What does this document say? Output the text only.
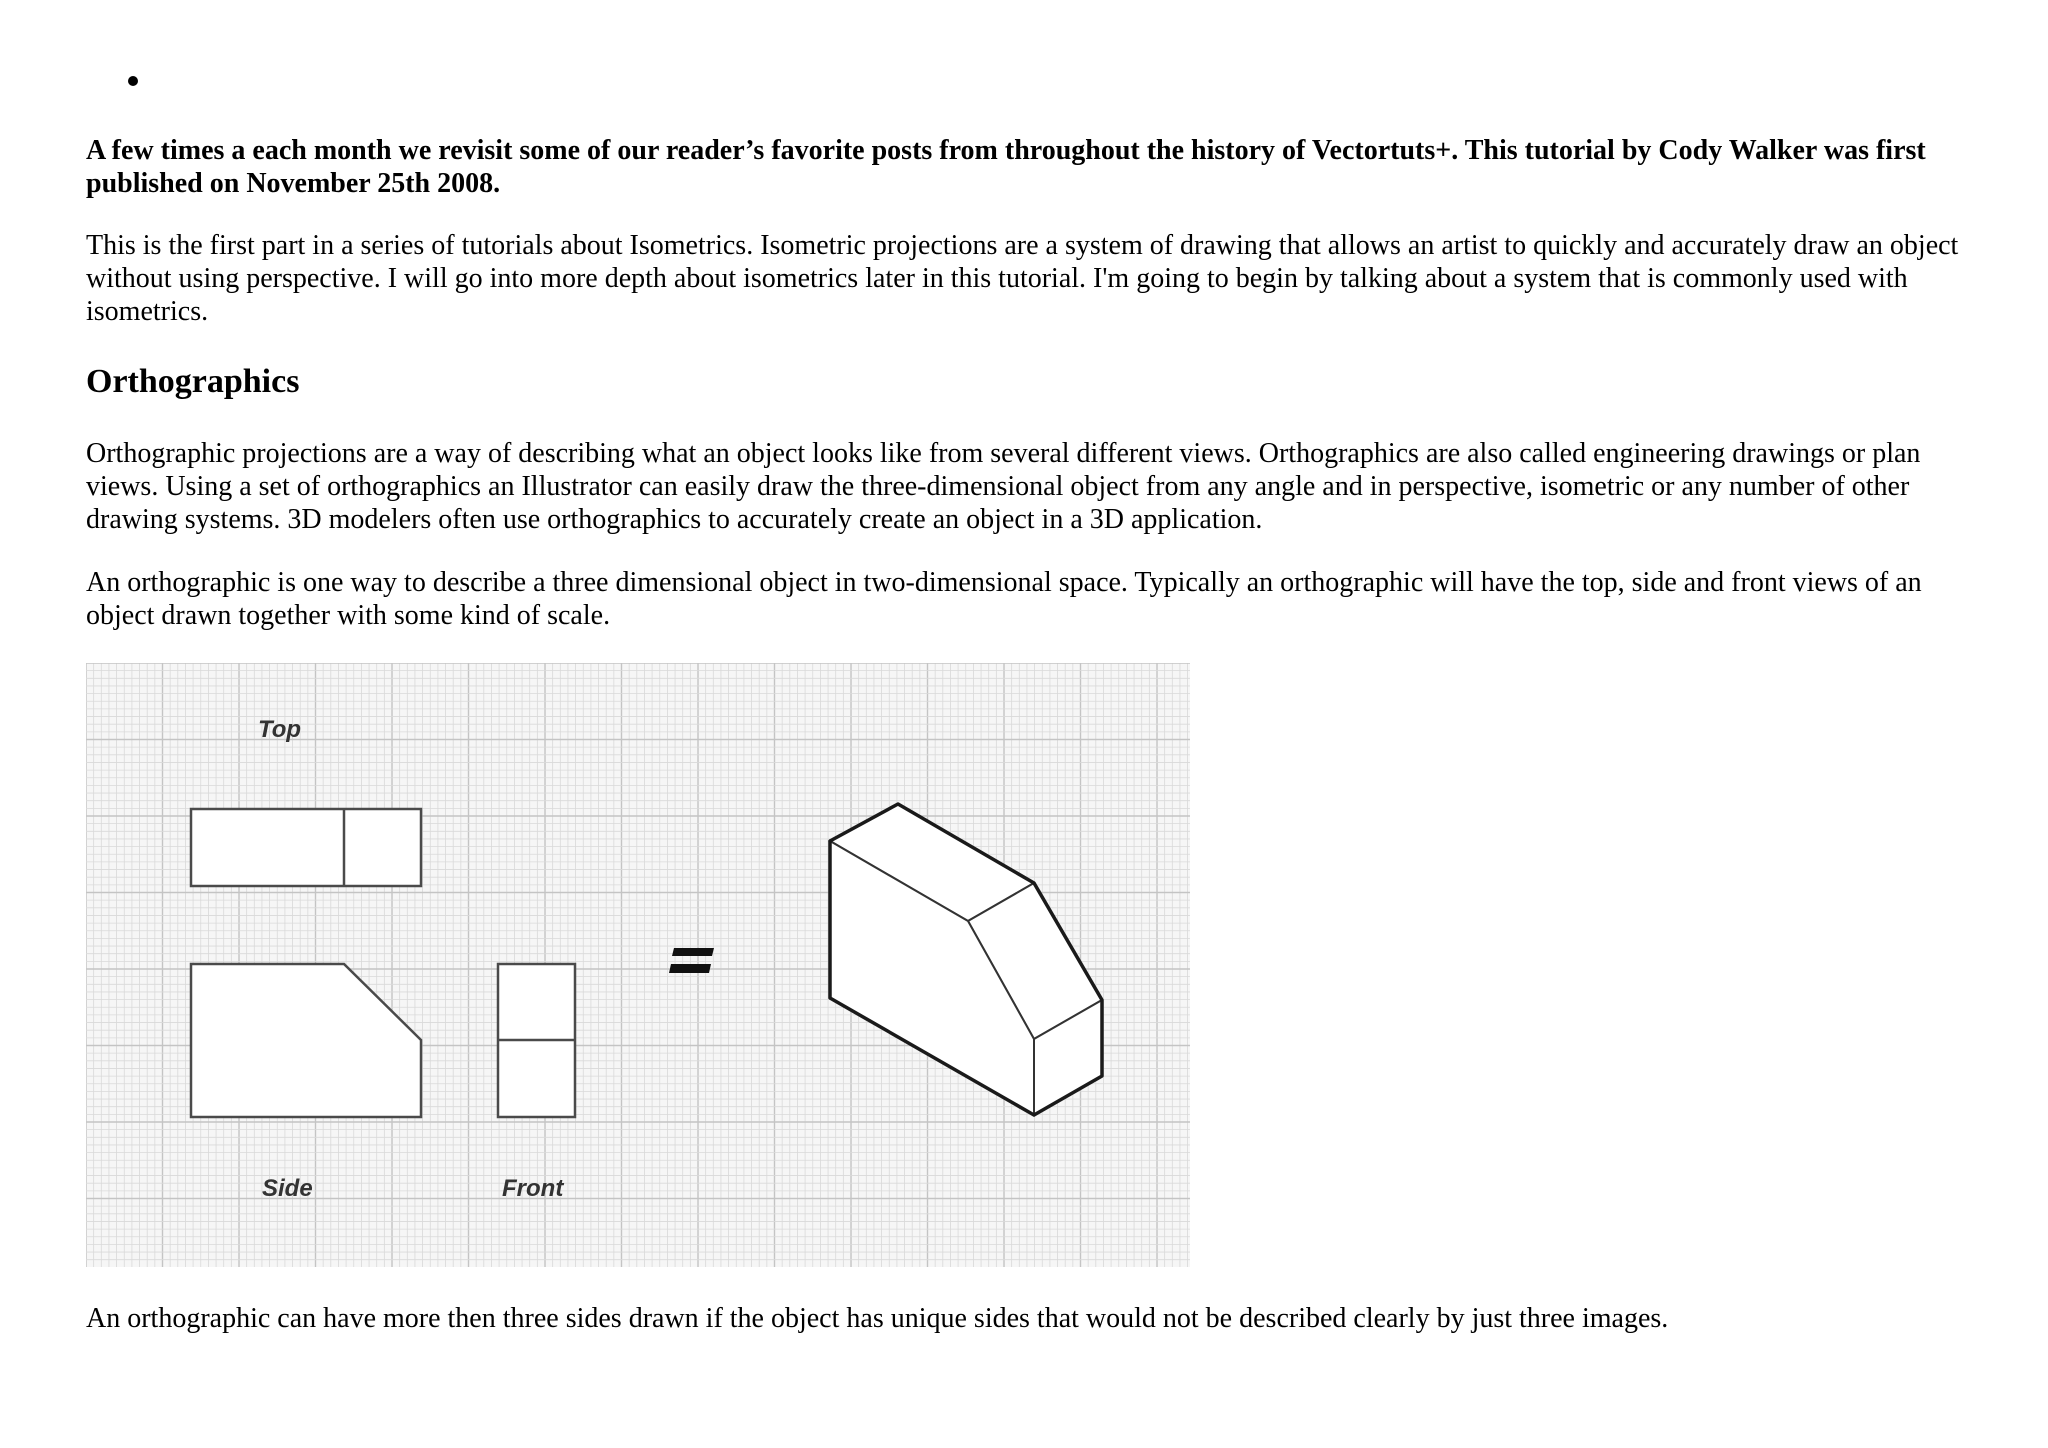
A few times a each month we revisit some of our reader’s favorite posts from throughout the history of Vectortuts+. This tutorial by Cody Walker was first published on November 25th 2008.

This is the first part in a series of tutorials about Isometrics. Isometric projections are a system of drawing that allows an artist to quickly and accurately draw an object without using perspective. I will go into more depth about isometrics later in this tutorial. I'm going to begin by talking about a system that is commonly used with isometrics.

Orthographics

Orthographic projections are a way of describing what an object looks like from several different views. Orthographics are also called engineering drawings or plan views. Using a set of orthographics an Illustrator can easily draw the three-dimensional object from any angle and in perspective, isometric or any number of other drawing systems. 3D modelers often use orthographics to accurately create an object in a 3D application.

An orthographic is one way to describe a three dimensional object in two-dimensional space. Typically an orthographic will have the top, side and front views of an object drawn together with some kind of scale.

Top
Side	Front

An orthographic can have more then three sides drawn if the object has unique sides that would not be described clearly by just three images.
